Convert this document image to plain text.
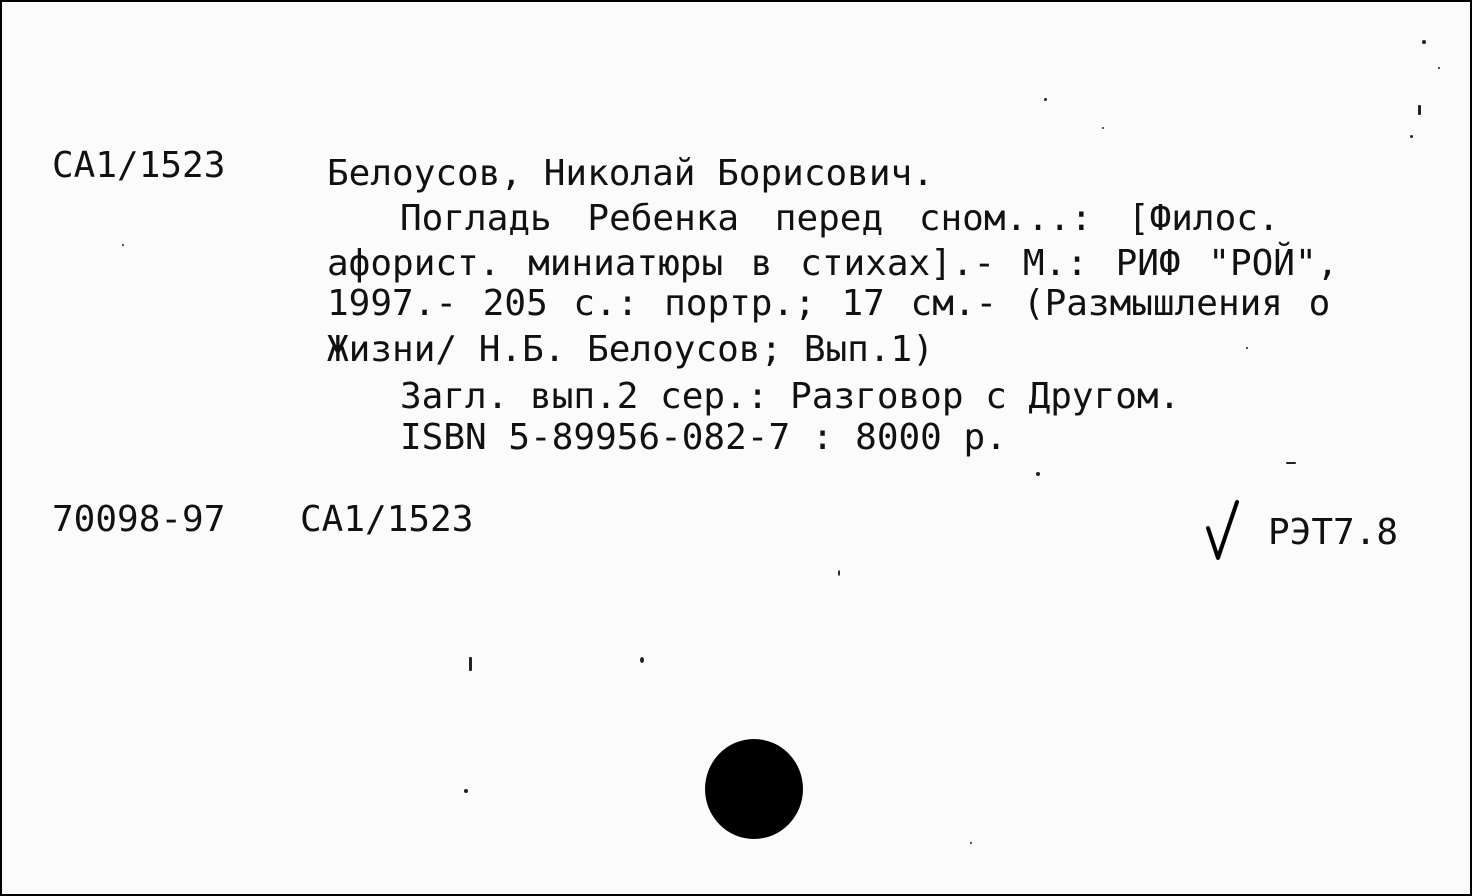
CA1/1523	Белоусов, Николай Борисович.
Погладь Ребенка перед сном...: [Филос.
афорист. миниатюры в стихах].- М.: РИФ "РОЙ",
1997.- 205 с.: портр.; 17 см.- (Размышления о
Жизни/ Н.Б. Белоусов; Вып.1)
Загл. вып.2 сер.: Разговор с Другом.
ISBN 5-89956-082-7 : 8000 р.
70098-97 CA1/1523	РЭТ7.8
